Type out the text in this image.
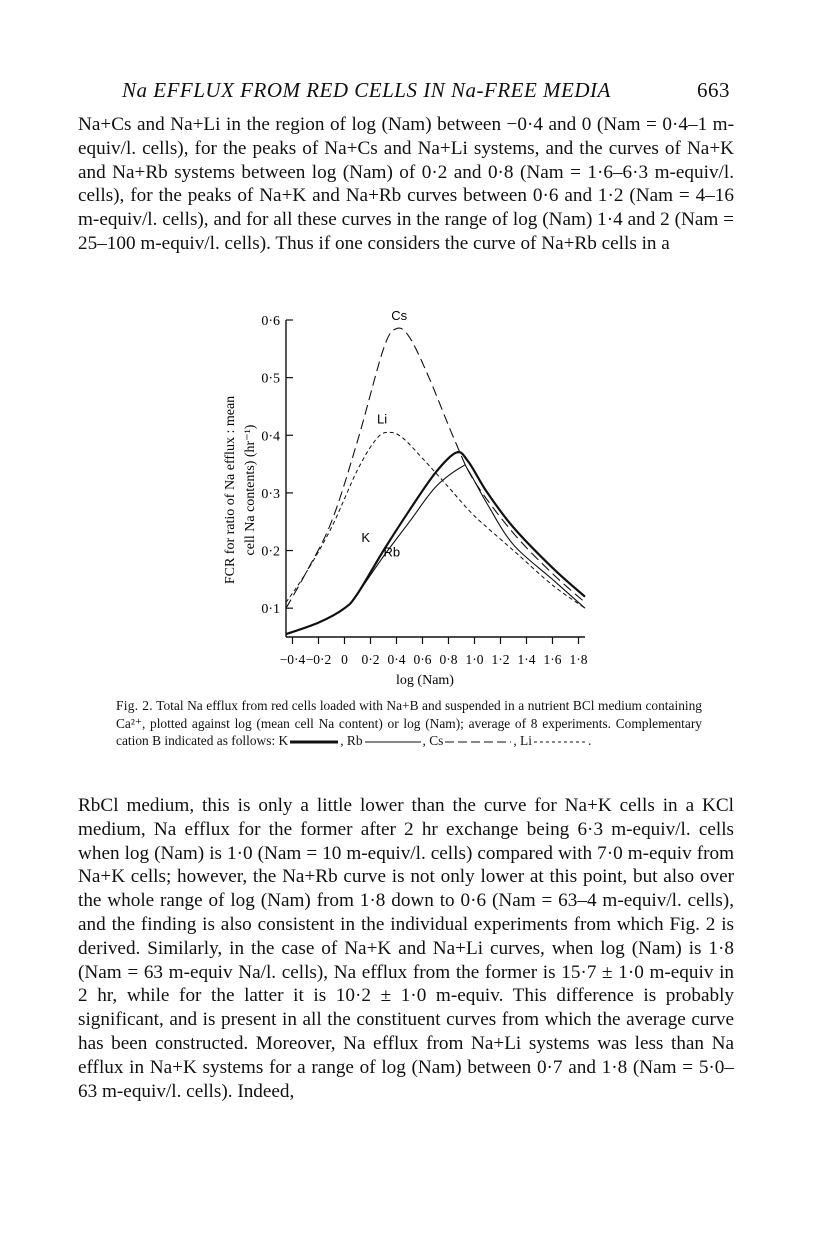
Na EFFLUX FROM RED CELLS IN Na-FREE MEDIA	663

Na+Cs and Na+Li in the region of log (Nam) between −0·4 and 0 (Nam = 0·4–1 m-equiv/l. cells), for the peaks of Na+Cs and Na+Li systems, and the curves of Na+K and Na+Rb systems between log (Nam) of 0·2 and 0·8 (Nam = 1·6–6·3 m-equiv/l. cells), for the peaks of Na+K and Na+Rb curves between 0·6 and 1·2 (Nam = 4–16 m-equiv/l. cells), and for all these curves in the range of log (Nam) 1·4 and 2 (Nam = 25–100 m-equiv/l. cells). Thus if one considers the curve of Na+Rb cells in a

0·1
0·2
0·3
0·4
0·5
0·6
−0·4 −0·2 0 0·2 0·4 0·6 0·8 1·0 1·2 1·4 1·6 1·8
Cs
Li
K
Rb
log (Nam)
FCR for ratio of Na efflux : mean cell Na contents) (hr⁻¹)

Fig. 2. Total Na efflux from red cells loaded with Na+B and suspended in a nutrient BCl medium containing Ca²⁺, plotted against log (mean cell Na content) or log (Nam); average of 8 experiments. Complementary cation B indicated as follows: K	, Rb	, Cs	, Li	.

RbCl medium, this is only a little lower than the curve for Na+K cells in a KCl medium, Na efflux for the former after 2 hr exchange being 6·3 m-equiv/l. cells when log (Nam) is 1·0 (Nam = 10 m-equiv/l. cells) compared with 7·0 m-equiv from Na+K cells; however, the Na+Rb curve is not only lower at this point, but also over the whole range of log (Nam) from 1·8 down to 0·6 (Nam = 63–4 m-equiv/l. cells), and the finding is also consistent in the individual experiments from which Fig. 2 is derived. Similarly, in the case of Na+K and Na+Li curves, when log (Nam) is 1·8 (Nam = 63 m-equiv Na/l. cells), Na efflux from the former is 15·7 ± 1·0 m-equiv in 2 hr, while for the latter it is 10·2 ± 1·0 m-equiv. This difference is probably significant, and is present in all the constituent curves from which the average curve has been constructed. Moreover, Na efflux from Na+Li systems was less than Na efflux in Na+K systems for a range of log (Nam) between 0·7 and 1·8 (Nam = 5·0–63 m-equiv/l. cells). Indeed,
